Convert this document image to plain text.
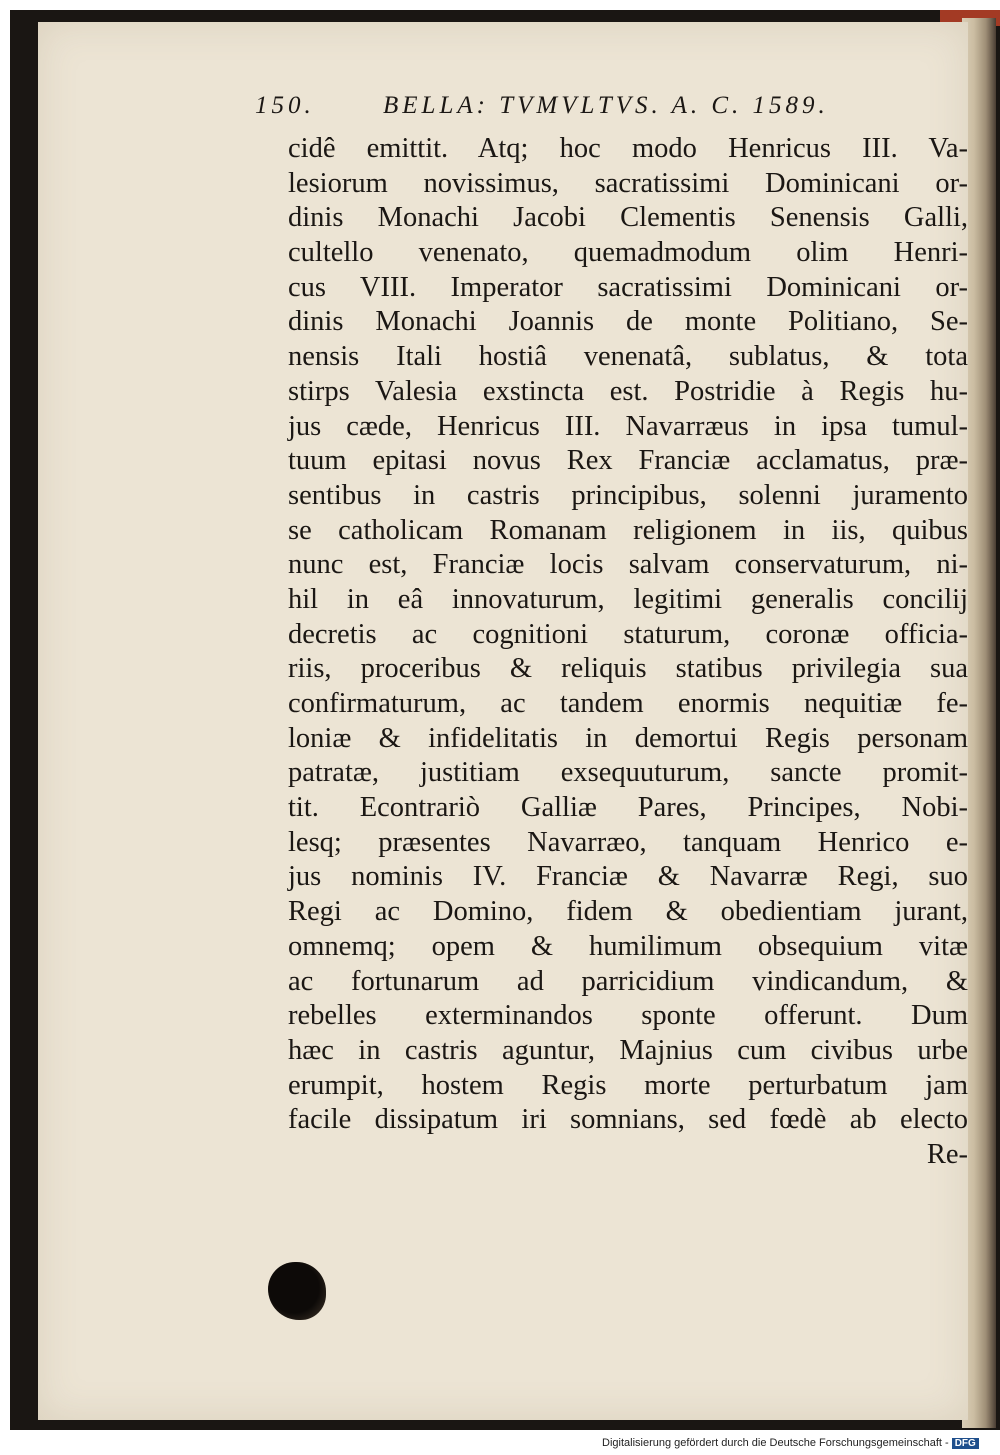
150.	BELLA: TVMVLTVS. A. C. 1589.
cidê emittit. Atq; hoc modo Henricus III. Va-
lesiorum novissimus, sacratissimi Dominicani or-
dinis Monachi Jacobi Clementis Senensis Galli,
cultello venenato, quemadmodum olim Henri-
cus VIII. Imperator sacratissimi Dominicani or-
dinis Monachi Joannis de monte Politiano, Se-
nensis Itali hostiâ venenatâ, sublatus, & tota
stirps Valesia exstincta est. Postridie à Regis hu-
jus cæde, Henricus III. Navarræus in ipsa tumul-
tuum epitasi novus Rex Franciæ acclamatus, præ-
sentibus in castris principibus, solenni juramento
se catholicam Romanam religionem in iis, quibus
nunc est, Franciæ locis salvam conservaturum, ni-
hil in eâ innovaturum, legitimi generalis concilij
decretis ac cognitioni staturum, coronæ officia-
riis, proceribus & reliquis statibus privilegia sua
confirmaturum, ac tandem enormis nequitiæ fe-
loniæ & infidelitatis in demortui Regis personam
patratæ, justitiam exsequuturum, sancte promit-
tit. Econtrariò Galliæ Pares, Principes, Nobi-
lesq; præsentes Navarræo, tanquam Henrico e-
jus nominis IV. Franciæ & Navarræ Regi, suo
Regi ac Domino, fidem & obedientiam jurant,
omnemq; opem & humilimum obsequium vitæ
ac fortunarum ad parricidium vindicandum, &
rebelles exterminandos sponte offerunt. Dum
hæc in castris aguntur, Majnius cum civibus urbe
erumpit, hostem Regis morte perturbatum jam
facile dissipatum iri somnians, sed fœdè ab electo
Re-
Digitalisierung gefördert durch die Deutsche Forschungsgemeinschaft - DFG
